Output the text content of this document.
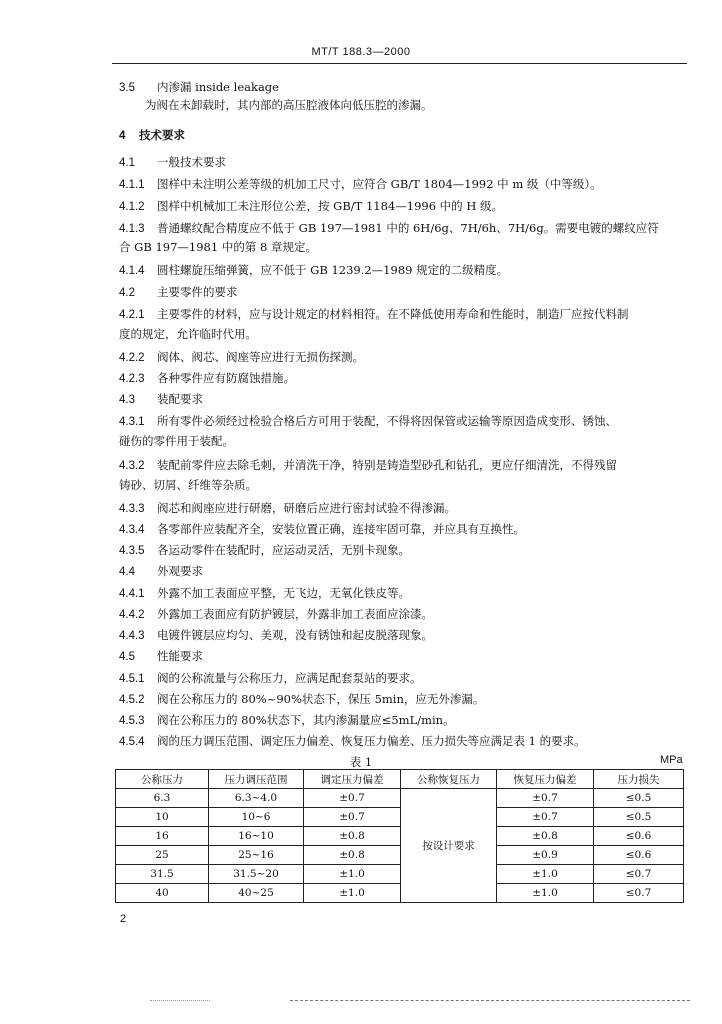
MT/T 188.3—2000
3.5 内渗漏 inside leakage
为阀在未卸载时，其内部的高压腔液体向低压腔的渗漏。
4 技术要求
4.1 一般技术要求
4.1.1 图样中未注明公差等级的机加工尺寸，应符合 GB/T 1804—1992 中 m 级（中等级）。
4.1.2 图样中机械加工未注形位公差，按 GB/T 1184—1996 中的 H 级。
4.1.3 普通螺纹配合精度应不低于 GB 197—1981 中的 6H/6g、7H/6h、7H/6g。需要电镀的螺纹应符
合 GB 197—1981 中的第 8 章规定。
4.1.4 圆柱螺旋压缩弹簧，应不低于 GB 1239.2—1989 规定的二级精度。
4.2 主要零件的要求
4.2.1 主要零件的材料，应与设计规定的材料相符。在不降低使用寿命和性能时，制造厂应按代料制
度的规定，允许临时代用。
4.2.2 阀体、阀芯、阀座等应进行无损伤探测。
4.2.3 各种零件应有防腐蚀措施。
4.3 装配要求
4.3.1 所有零件必须经过检验合格后方可用于装配，不得将因保管或运输等原因造成变形、锈蚀、
碰伤的零件用于装配。
4.3.2 装配前零件应去除毛刺，并清洗干净，特别是铸造型砂孔和钻孔，更应仔细清洗，不得残留
铸砂、切屑、纤维等杂质。
4.3.3 阀芯和阀座应进行研磨，研磨后应进行密封试验不得渗漏。
4.3.4 各零部件应装配齐全，安装位置正确，连接牢固可靠，并应具有互换性。
4.3.5 各运动零件在装配时，应运动灵活，无别卡现象。
4.4 外观要求
4.4.1 外露不加工表面应平整，无飞边，无氧化铁皮等。
4.4.2 外露加工表面应有防护镀层，外露非加工表面应涂漆。
4.4.3 电镀件镀层应均匀、美观，没有锈蚀和起皮脱落现象。
4.5 性能要求
4.5.1 阀的公称流量与公称压力，应满足配套泵站的要求。
4.5.2 阀在公称压力的 80%~90%状态下，保压 5min，应无外渗漏。
4.5.3 阀在公称压力的 80%状态下，其内渗漏量应≤5mL/min。
4.5.4 阀的压力调压范围、调定压力偏差、恢复压力偏差、压力损失等应满足表 1 的要求。
表 1	MPa
公称压力	压力调压范围	调定压力偏差	公称恢复压力	恢复压力偏差	压力损失
6.3	6.3~4.0	±0.7	按设计要求	±0.7	≤0.5
10	10~6	±0.7		±0.7	≤0.5
16	16~10	±0.8		±0.8	≤0.6
25	25~16	±0.8		±0.9	≤0.6
31.5	31.5~20	±1.0		±1.0	≤0.7
40	40~25	±1.0		±1.0	≤0.7
2
